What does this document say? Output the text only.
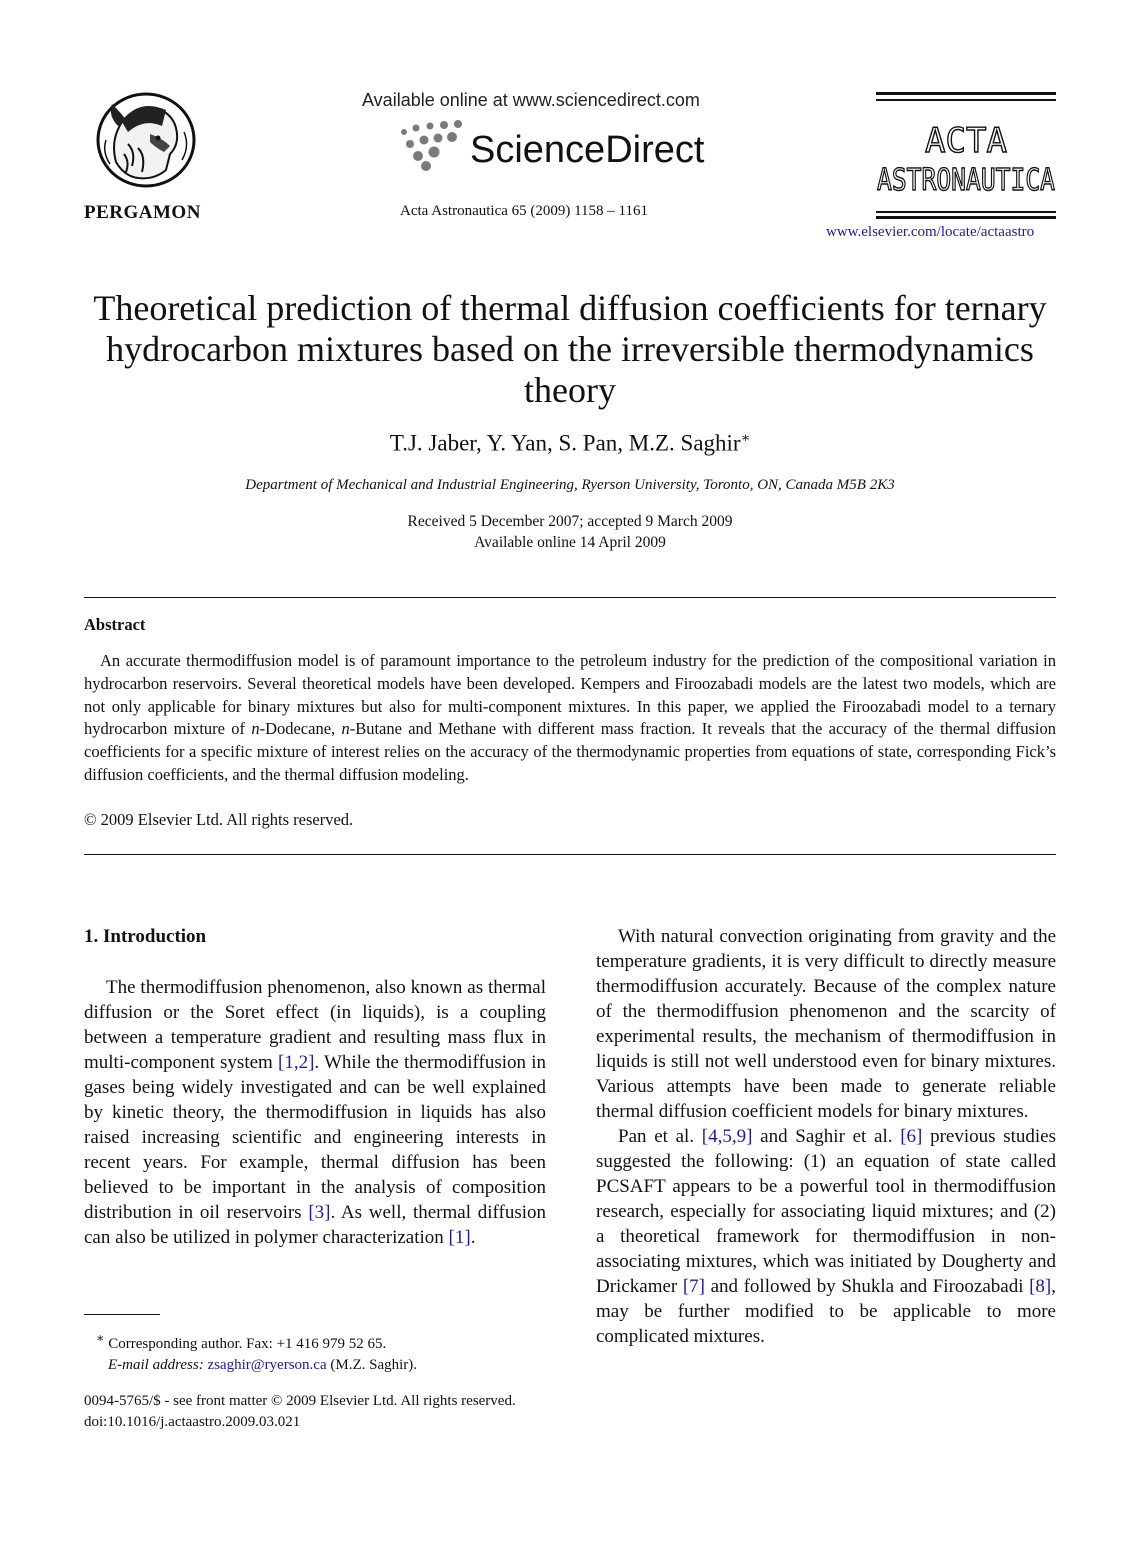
PERGAMON
Available online at www.sciencedirect.com
ScienceDirect
Acta Astronautica 65 (2009) 1158 – 1161
ACTA
ASTRONAUTICA
www.elsevier.com/locate/actaastro
Theoretical prediction of thermal diffusion coefficients for ternary hydrocarbon mixtures based on the irreversible thermodynamics theory
T.J. Jaber, Y. Yan, S. Pan, M.Z. Saghir∗
Department of Mechanical and Industrial Engineering, Ryerson University, Toronto, ON, Canada M5B 2K3
Received 5 December 2007; accepted 9 March 2009
Available online 14 April 2009
Abstract

An accurate thermodiffusion model is of paramount importance to the petroleum industry for the prediction of the compositional variation in hydrocarbon reservoirs. Several theoretical models have been developed. Kempers and Firoozabadi models are the latest two models, which are not only applicable for binary mixtures but also for multi-component mixtures. In this paper, we applied the Firoozabadi model to a ternary hydrocarbon mixture of n-Dodecane, n-Butane and Methane with different mass fraction. It reveals that the accuracy of the thermal diffusion coefficients for a specific mixture of interest relies on the accuracy of the thermodynamic properties from equations of state, corresponding Fick’s diffusion coefficients, and the thermal diffusion modeling.

© 2009 Elsevier Ltd. All rights reserved.
1. Introduction

The thermodiffusion phenomenon, also known as thermal diffusion or the Soret effect (in liquids), is a coupling between a temperature gradient and resulting mass flux in multi-component system [1,2]. While the thermodiffusion in gases being widely investigated and can be well explained by kinetic theory, the thermodiffusion in liquids has also raised increasing scientific and engineering interests in recent years. For example, thermal diffusion has been believed to be important in the analysis of composition distribution in oil reservoirs [3]. As well, thermal diffusion can also be utilized in polymer characterization [1].

With natural convection originating from gravity and the temperature gradients, it is very difficult to directly measure thermodiffusion accurately. Because of the complex nature of the thermodiffusion phenomenon and the scarcity of experimental results, the mechanism of thermodiffusion in liquids is still not well understood even for binary mixtures. Various attempts have been made to generate reliable thermal diffusion coefficient models for binary mixtures.

Pan et al. [4,5,9] and Saghir et al. [6] previous studies suggested the following: (1) an equation of state called PCSAFT appears to be a powerful tool in thermodiffusion research, especially for associating liquid mixtures; and (2) a theoretical framework for thermodiffusion in non-associating mixtures, which was initiated by Dougherty and Drickamer [7] and followed by Shukla and Firoozabadi [8], may be further modified to be applicable to more complicated mixtures.

∗ Corresponding author. Fax: +1 416 979 52 65.
E-mail address: zsaghir@ryerson.ca (M.Z. Saghir).
0094-5765/$ - see front matter © 2009 Elsevier Ltd. All rights reserved.
doi:10.1016/j.actaastro.2009.03.021
